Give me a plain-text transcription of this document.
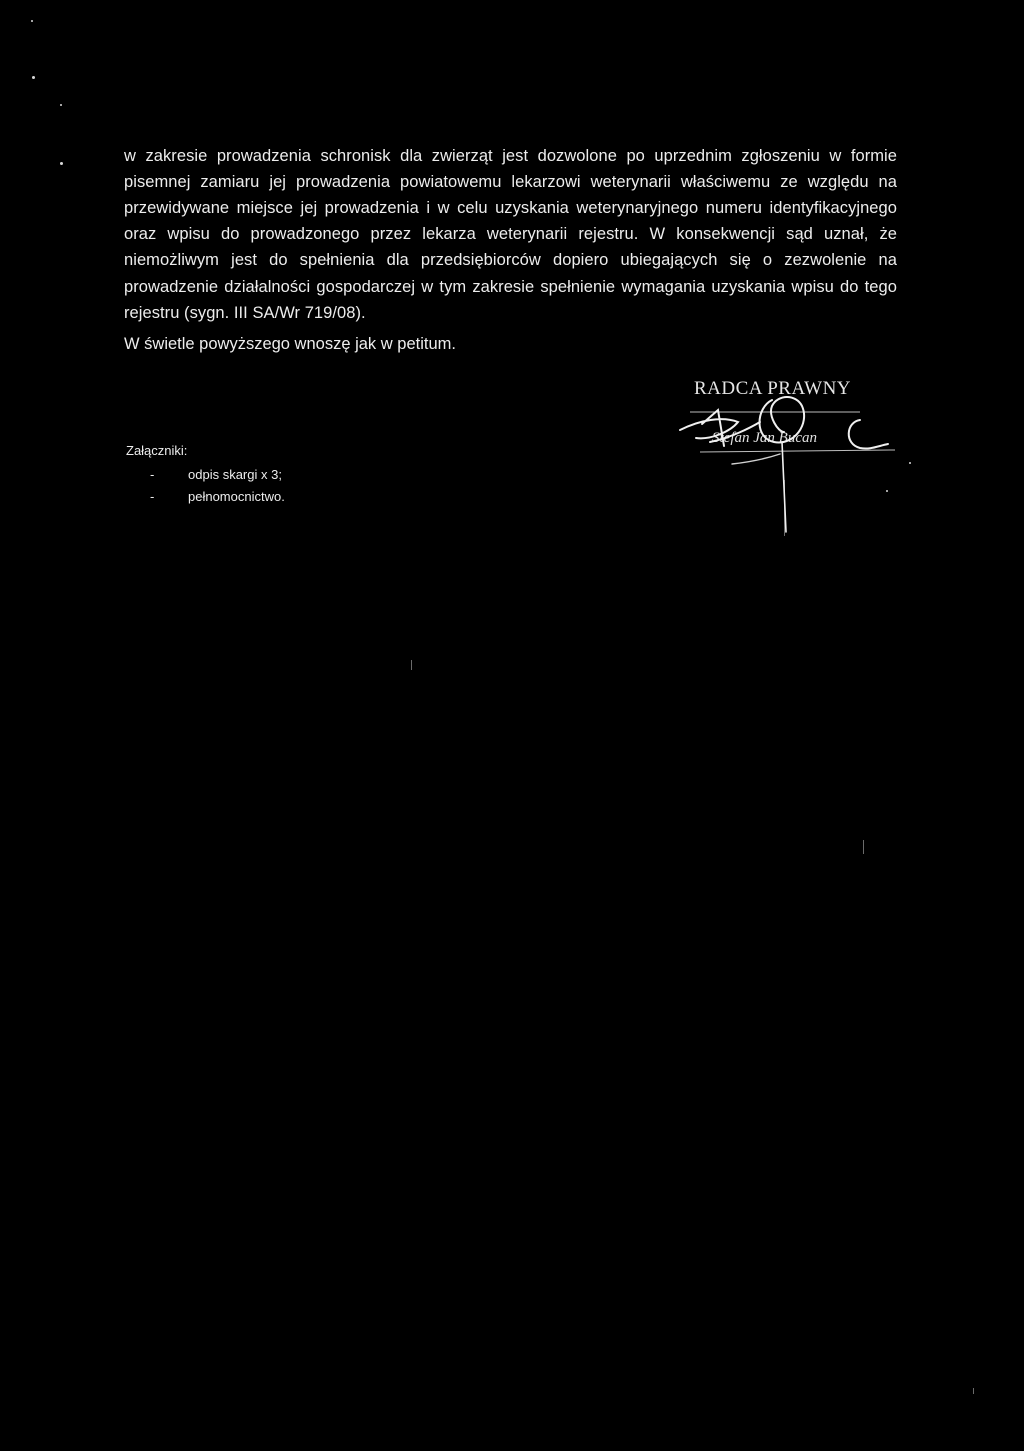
w zakresie prowadzenia schronisk dla zwierząt jest dozwolone po uprzednim zgłoszeniu w formie pisemnej zamiaru jej prowadzenia powiatowemu lekarzowi weterynarii właściwemu ze względu na przewidywane miejsce jej prowadzenia i w celu uzyskania weterynaryjnego numeru identyfikacyjnego oraz wpisu do prowadzonego przez lekarza weterynarii rejestru. W konsekwencji sąd uznał, że niemożliwym jest do spełnienia dla przedsiębiorców dopiero ubiegających się o zezwolenie na prowadzenie działalności gospodarczej w tym zakresie spełnienie wymagania uzyskania wpisu do tego rejestru (sygn. III SA/Wr 719/08).

W świetle powyższego wnoszę jak w petitum.

Załączniki:
-	odpis skargi x 3;
-	pełnomocnictwo.
RADCA PRAWNY
Stefan Jan Bucan
